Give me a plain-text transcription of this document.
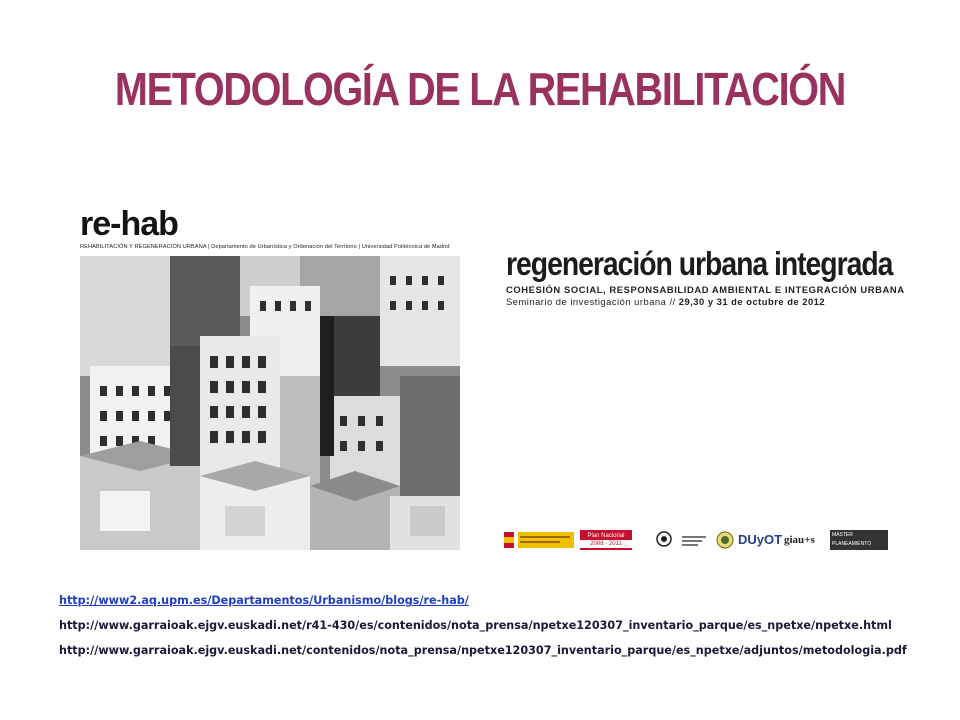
METODOLOGÍA DE LA REHABILITACIÓN
re-hab
REHABILITACIÓN Y REGENERACIÓN URBANA | Departamento de Urbanística y Ordenación del Territorio | Universidad Politécnica de Madrid	regeneración urbana integrada
COHESIÓN SOCIAL, RESPONSABILIDAD AMBIENTAL E INTEGRACIÓN URBANA
Seminario de investigación urbana // 29,30 y 31 de octubre de 2012
Plan Nacional
2008 · 2011	DUyOT giau+s	MASTER PLANEAMIENTO URBANO Y TERRITORIAL
http://www2.aq.upm.es/Departamentos/Urbanismo/blogs/re-hab/
http://www.garraioak.ejgv.euskadi.net/r41-430/es/contenidos/nota_prensa/npetxe120307_inventario_parque/es_npetxe/npetxe.html
http://www.garraioak.ejgv.euskadi.net/contenidos/nota_prensa/npetxe120307_inventario_parque/es_npetxe/adjuntos/metodologia.pdf
